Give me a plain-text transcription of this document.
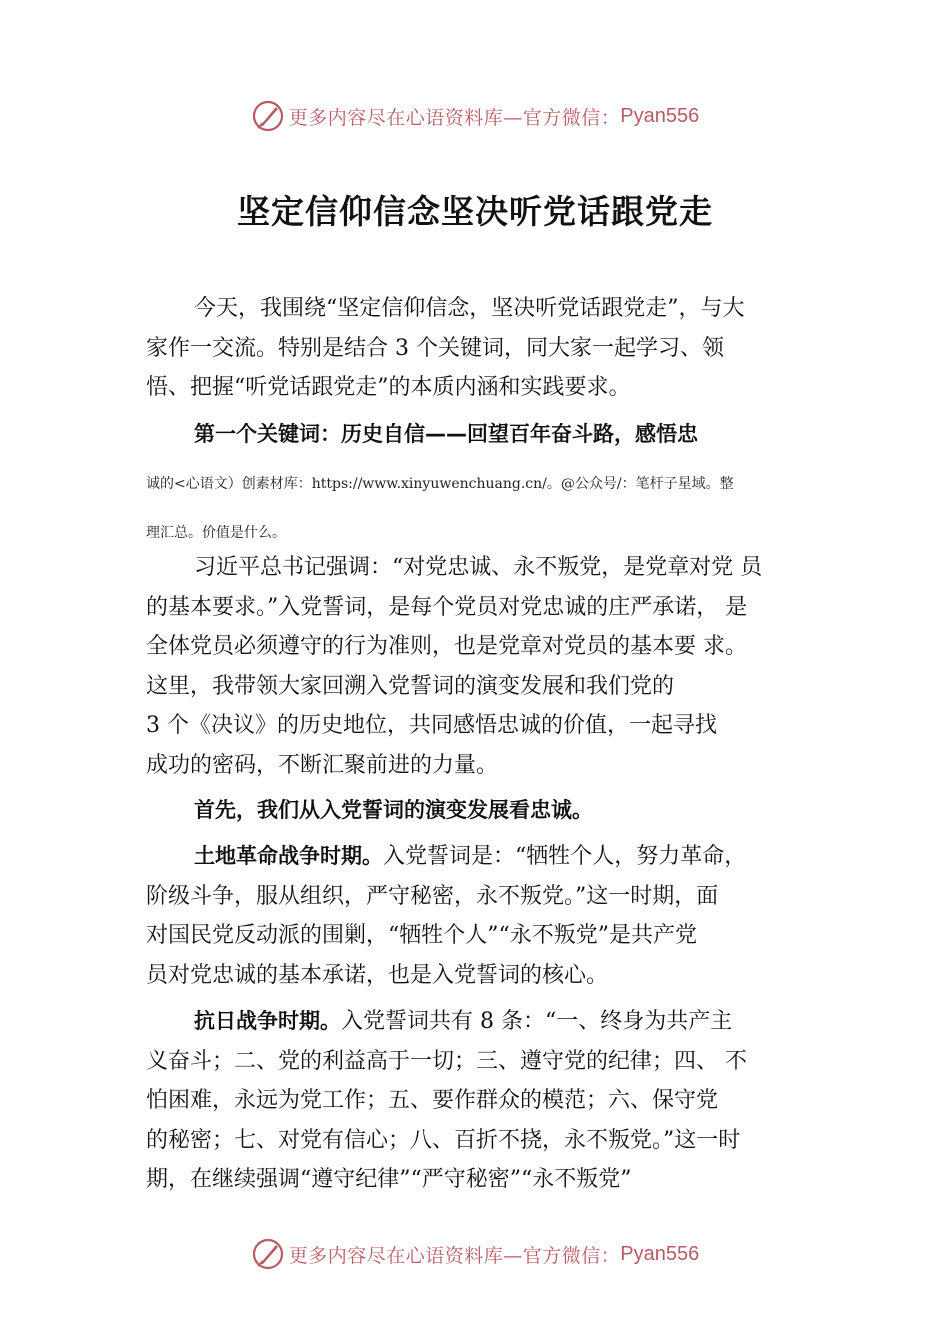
更多内容尽在心语资料库—官方微信： Pyan556
坚定信仰信念坚决听党话跟党走
今天，我围绕“坚定信仰信念，坚决听党话跟党走”，与大
家作一交流。特别是结合 3 个关键词，同大家一起学习、领
悟、把握“听党话跟党走”的本质内涵和实践要求。
第一个关键词：历史自信——回望百年奋斗路，感悟忠
诚的<心语文）创素材库：https://www.xinyuwenchuang.cn/。@公众号/：笔杆子星域。整
理汇总。价值是什么。
习近平总书记强调：“对党忠诚、永不叛党，是党章对党 员
的基本要求。”入党誓词，是每个党员对党忠诚的庄严承诺， 是
全体党员必须遵守的行为准则，也是党章对党员的基本要 求。
这里，我带领大家回溯入党誓词的演变发展和我们党的
3 个《决议》的历史地位，共同感悟忠诚的价值，一起寻找
成功的密码，不断汇聚前进的力量。
首先，我们从入党誓词的演变发展看忠诚。
土地革命战争时期。入党誓词是：“牺牲个人，努力革命，
阶级斗争，服从组织，严守秘密，永不叛党。”这一时期，面
对国民党反动派的围剿，“牺牲个人”“永不叛党”是共产党
员对党忠诚的基本承诺，也是入党誓词的核心。
抗日战争时期。入党誓词共有 8 条：“一、终身为共产主
义奋斗；二、党的利益高于一切；三、遵守党的纪律；四、 不
怕困难，永远为党工作；五、要作群众的模范；六、保守党
的秘密；七、对党有信心；八、百折不挠，永不叛党。”这一时
期，在继续强调“遵守纪律”“严守秘密”“永不叛党”
更多内容尽在心语资料库—官方微信： Pyan556
